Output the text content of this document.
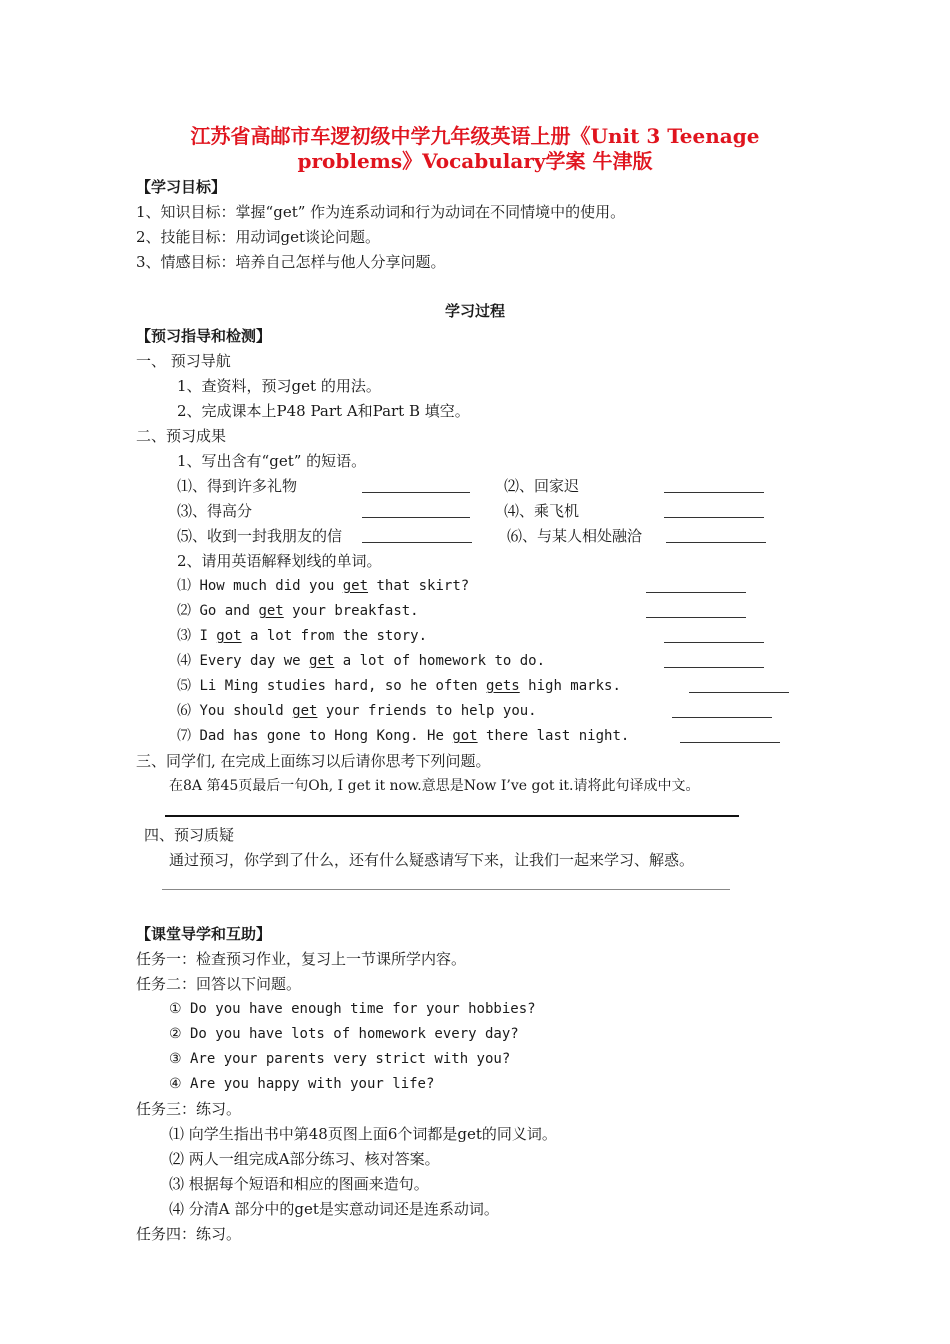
江苏省高邮市车逻初级中学九年级英语上册《Unit 3 Teenage
problems》Vocabulary学案 牛津版
【学习目标】
1、知识目标：掌握“get” 作为连系动词和行为动词在不同情境中的使用。
2、技能目标：用动词get谈论问题。
3、情感目标：培养自己怎样与他人分享问题。
学习过程
【预习指导和检测】
一、 预习导航
1、查资料，预习get 的用法。
2、完成课本上P48 Part A和Part B 填空。
二、预习成果
1、写出含有“get” 的短语。
⑴、得到许多礼物	⑵、回家迟
⑶、得高分	⑷、乘飞机
⑸、收到一封我朋友的信	⑹、与某人相处融洽
2、请用英语解释划线的单词。
⑴ How much did you get that skirt?
⑵ Go and get your breakfast.
⑶ I got a lot from the story.
⑷ Every day we get a lot of homework to do.
⑸ Li Ming studies hard, so he often gets high marks.
⑹ You should get your friends to help you.
⑺ Dad has gone to Hong Kong. He got there last night.
三、同学们, 在完成上面练习以后请你思考下列问题。
在8A 第45页最后一句Oh, I get it now.意思是Now I’ve got it.请将此句译成中文。
四、预习质疑
通过预习，你学到了什么，还有什么疑惑请写下来，让我们一起来学习、解惑。
【课堂导学和互助】
任务一：检查预习作业，复习上一节课所学内容。
任务二：回答以下问题。
① Do you have enough time for your hobbies?
② Do you have lots of homework every day?
③ Are your parents very strict with you?
④ Are you happy with your life?
任务三：练习。
⑴ 向学生指出书中第48页图上面6个词都是get的同义词。
⑵ 两人一组完成A部分练习、核对答案。
⑶ 根据每个短语和相应的图画来造句。
⑷ 分清A 部分中的get是实意动词还是连系动词。
任务四：练习。
